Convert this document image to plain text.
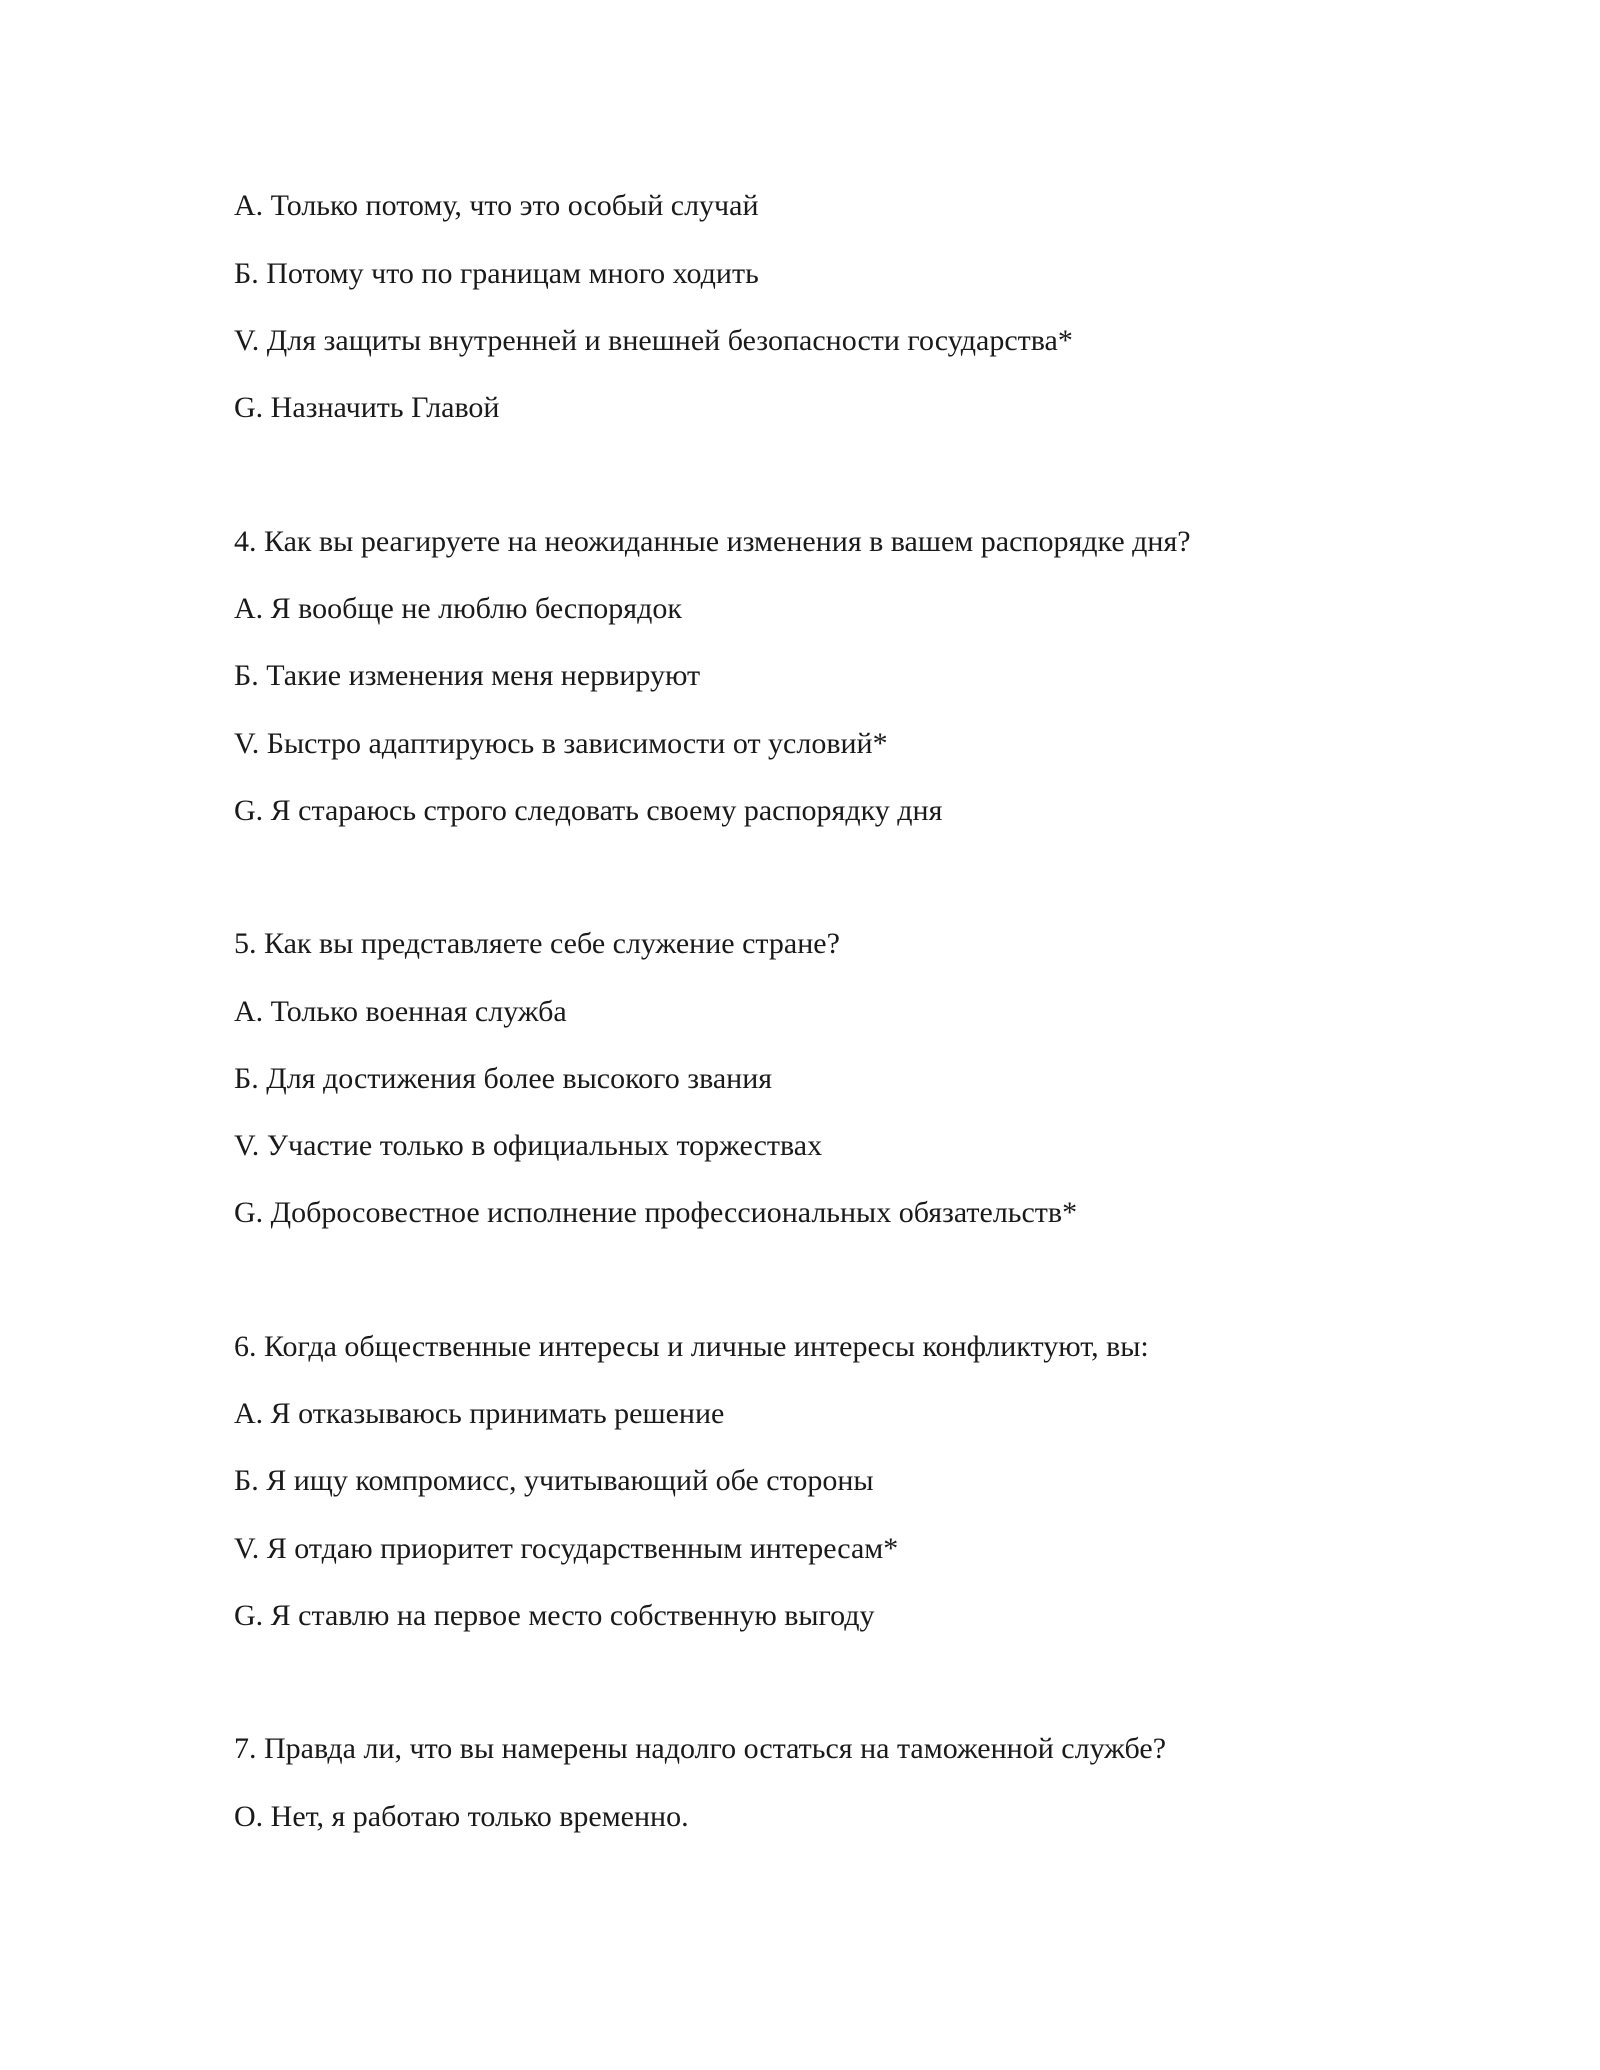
A. Только потому, что это особый случай
Б. Потому что по границам много ходить
V. Для защиты внутренней и внешней безопасности государства*
G. Назначить Главой
4. Как вы реагируете на неожиданные изменения в вашем распорядке дня?
A. Я вообще не люблю беспорядок
Б. Такие изменения меня нервируют
V. Быстро адаптируюсь в зависимости от условий*
G. Я стараюсь строго следовать своему распорядку дня
5. Как вы представляете себе служение стране?
A. Только военная служба
Б. Для достижения более высокого звания
V. Участие только в официальных торжествах
G. Добросовестное исполнение профессиональных обязательств*
6. Когда общественные интересы и личные интересы конфликтуют, вы:
A. Я отказываюсь принимать решение
Б. Я ищу компромисс, учитывающий обе стороны
V. Я отдаю приоритет государственным интересам*
G. Я ставлю на первое место собственную выгоду
7. Правда ли, что вы намерены надолго остаться на таможенной службе?
O. Нет, я работаю только временно.
